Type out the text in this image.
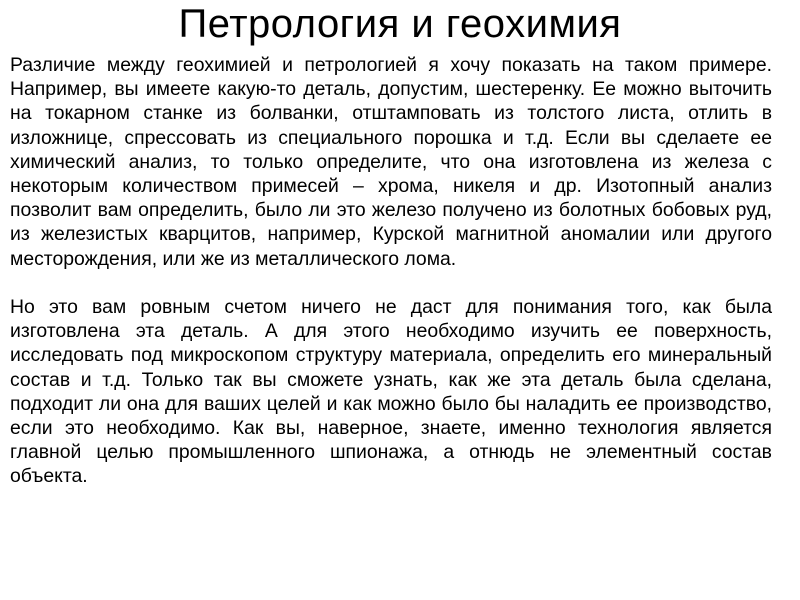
Петрология и геохимия

Различие между геохимией и петрологией я хочу показать на таком примере. Например, вы имеете какую-то деталь, допустим, шестеренку. Ее можно выточить на токарном станке из болванки, отштамповать из толстого листа, отлить в изложнице, спрессовать из специального порошка и т.д. Если вы сделаете ее химический анализ, то только определите, что она изготовлена из железа с некоторым количеством примесей – хрома, никеля и др. Изотопный анализ позволит вам определить, было ли это железо получено из болотных бобовых руд, из железистых кварцитов, например, Курской магнитной аномалии или другого месторождения, или же из металлического лома.

Но это вам ровным счетом ничего не даст для понимания того, как была изготовлена эта деталь. А для этого необходимо изучить ее поверхность, исследовать под микроскопом структуру материала, определить его минеральный состав и т.д. Только так вы сможете узнать, как же эта деталь была сделана, подходит ли она для ваших целей и как можно было бы наладить ее производство, если это необходимо. Как вы, наверное, знаете, именно технология является главной целью промышленного шпионажа, а отнюдь не элементный состав объекта.
